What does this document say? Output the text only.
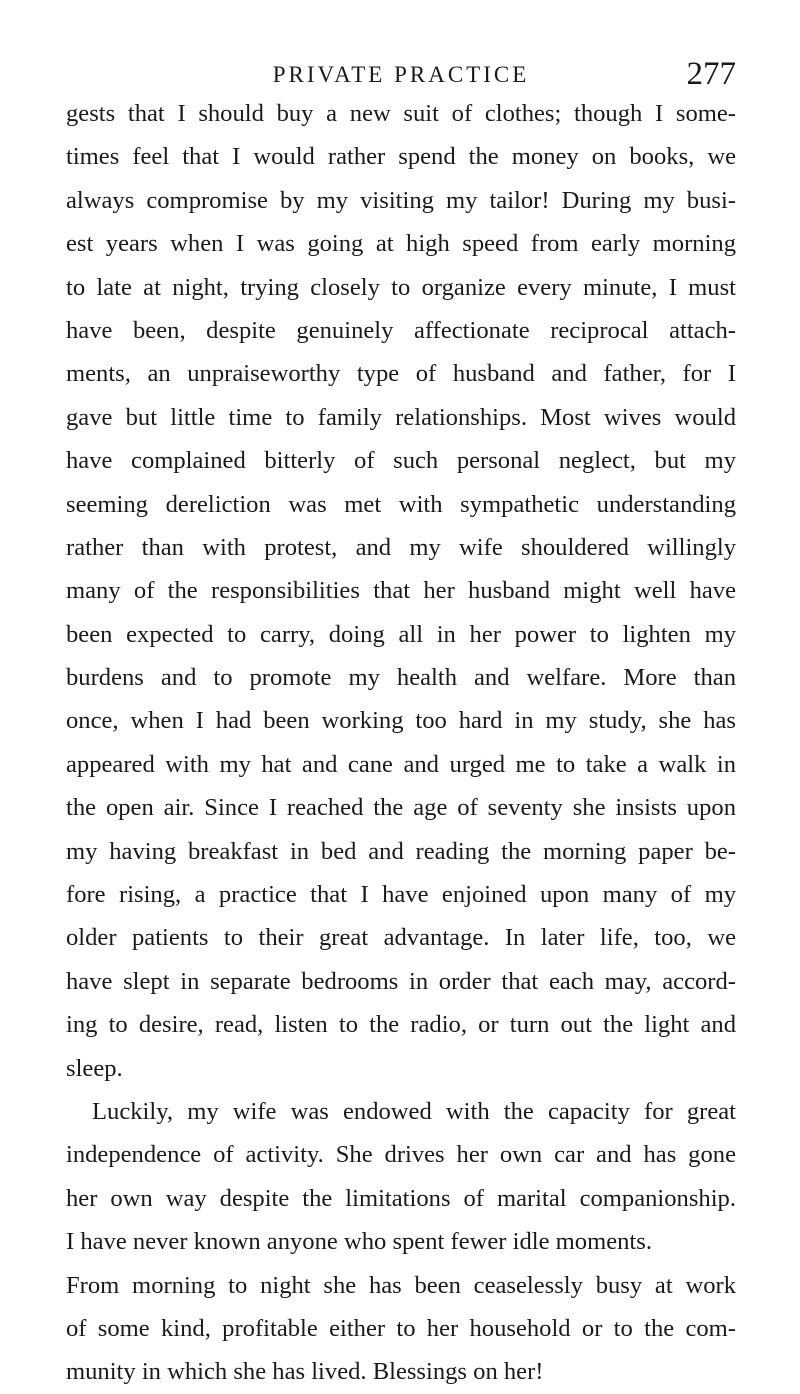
PRIVATE PRACTICE	277
gests that I should buy a new suit of clothes; though I some-
times feel that I would rather spend the money on books, we
always compromise by my visiting my tailor! During my busi-
est years when I was going at high speed from early morning
to late at night, trying closely to organize every minute, I must
have been, despite genuinely affectionate reciprocal attach-
ments, an unpraiseworthy type of husband and father, for I
gave but little time to family relationships. Most wives would
have complained bitterly of such personal neglect, but my
seeming dereliction was met with sympathetic understanding
rather than with protest, and my wife shouldered willingly
many of the responsibilities that her husband might well have
been expected to carry, doing all in her power to lighten my
burdens and to promote my health and welfare. More than
once, when I had been working too hard in my study, she has
appeared with my hat and cane and urged me to take a walk in
the open air. Since I reached the age of seventy she insists upon
my having breakfast in bed and reading the morning paper be-
fore rising, a practice that I have enjoined upon many of my
older patients to their great advantage. In later life, too, we
have slept in separate bedrooms in order that each may, accord-
ing to desire, read, listen to the radio, or turn out the light and
sleep.
Luckily, my wife was endowed with the capacity for great
independence of activity. She drives her own car and has gone
her own way despite the limitations of marital companionship.
I have never known anyone who spent fewer idle moments.
From morning to night she has been ceaselessly busy at work
of some kind, profitable either to her household or to the com-
munity in which she has lived. Blessings on her!
